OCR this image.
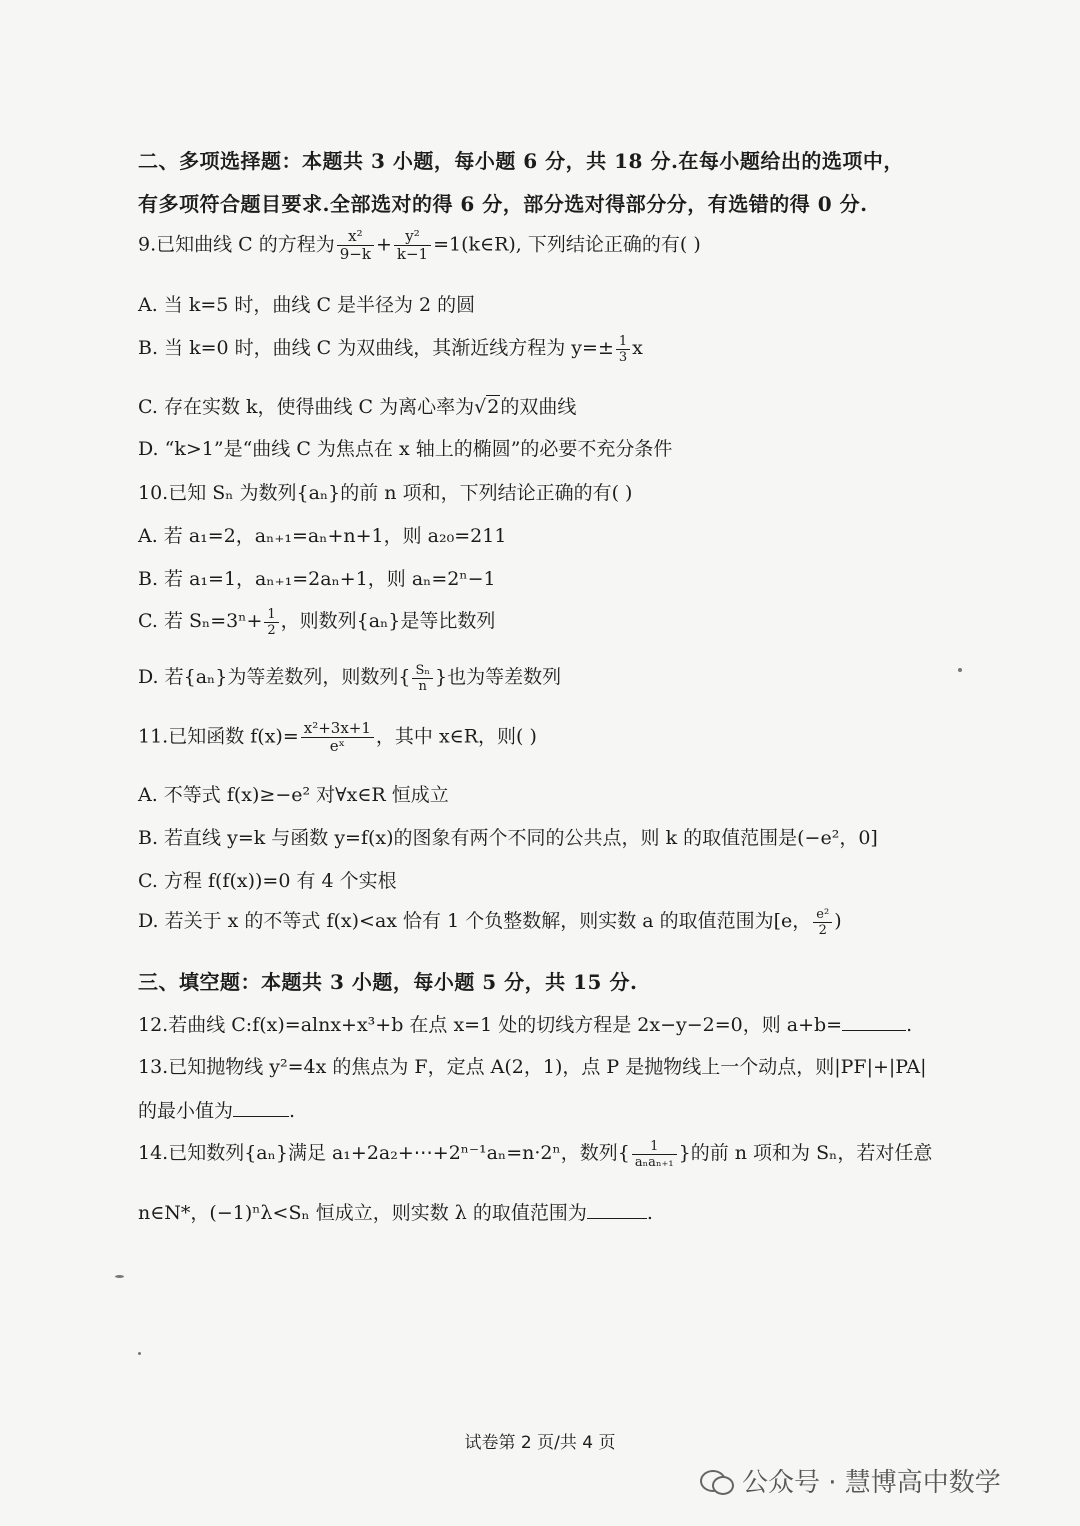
二、多项选择题：本题共 3 小题，每小题 6 分，共 18 分.在每小题给出的选项中，
有多项符合题目要求.全部选对的得 6 分，部分选对得部分分，有选错的得 0 分.
9.已知曲线 C 的方程为 $\frac{\text{x²}}{9-k} + \frac{\text{y²}}{k-1}$ =1(k∈R), 下列结论正确的有( )
A. 当 k=5 时，曲线 C 是半径为 2 的圆
B. 当 k=0 时，曲线 C 为双曲线，其渐近线方程为 $y=\pm \frac{1}{3}$ x
C. 存在实数 k，使得曲线 C 为离心率为√2的双曲线
D. “k>1”是“曲线 C 为焦点在 x 轴上的椭圆”的必要不充分条件
10.已知 Sₙ 为数列{aₙ}的前 n 项和，下列结论正确的有( )
A. 若 a₁=2，aₙ₊₁=aₙ+n+1，则 a₂₀=211
B. 若 a₁=1，aₙ₊₁=2aₙ+1，则 aₙ=2ⁿ−1
C. 若 $S_n=3^n+ \frac{1}{2}$ ，则数列{aₙ}是等比数列
D. 若{aₙ}为等差数列，则数列{ $\frac{\text{Sₙ}}{n}$ }也为等差数列
11.已知函数 $f(x)= \frac{\text{x²+3x+1}}{\text{eˣ}}$ ，其中 x∈R，则( )
A. 不等式 f(x)≥−e² 对∀x∈R 恒成立
B. 若直线 y=k 与函数 y=f(x)的图象有两个不同的公共点，则 k 的取值范围是(−e²，0]
C. 方程 f(f(x))=0 有 4 个实根
D. 若关于 x 的不等式 f(x)<ax 恰有 1 个负整数解，则实数 a 的取值范围为[e， $\frac{\text{e²}}{2}$ )
三、填空题：本题共 3 小题，每小题 5 分，共 15 分.
12.若曲线 C:f(x)=alnx+x³+b 在点 x=1 处的切线方程是 2x−y−2=0，则 a+b=	.
13.已知抛物线 y²=4x 的焦点为 F，定点 A(2，1)，点 P 是抛物线上一个动点，则|PF|+|PA|
的最小值为	.
14.已知数列{aₙ}满足 a₁+2a₂+⋯+2ⁿ⁻¹aₙ=n·2ⁿ，数列{ $\frac{1}{\text{aₙaₙ₊₁}}$ }的前 n 项和为 Sₙ，若对任意
n∈N*，(−1)ⁿλ<Sₙ 恒成立，则实数 λ 的取值范围为	.
试卷第 2 页/共 4 页
公众号 · 慧博高中数学
